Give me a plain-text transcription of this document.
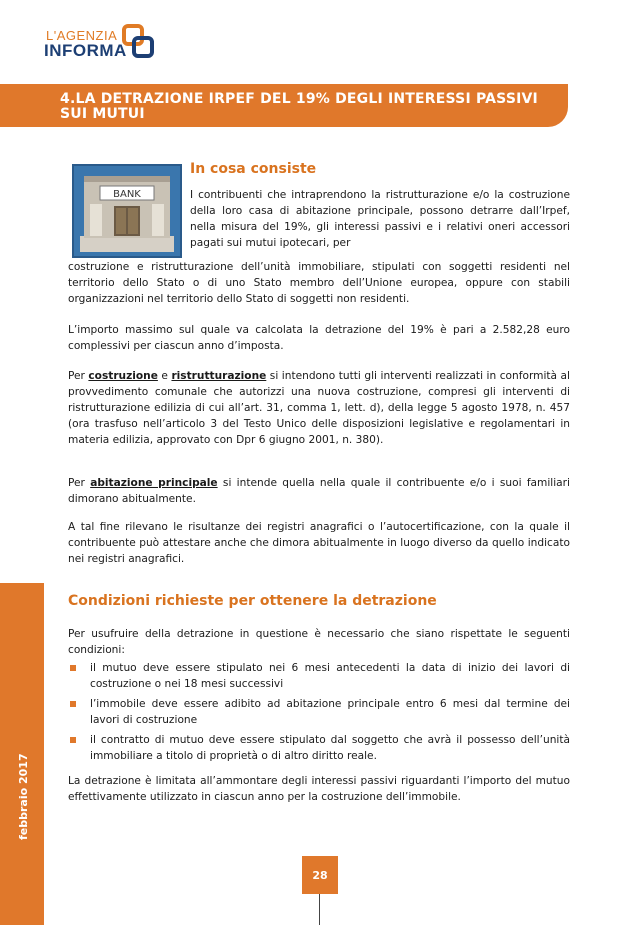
L'AGENZIA
INFORMA
4.LA DETRAZIONE IRPEF DEL 19% DEGLI INTERESSI PASSIVI SUI MUTUI
BANK
In cosa consiste
I contribuenti che intraprendono la ristrutturazione e/o la costruzione della loro casa di abitazione principale, possono detrarre dall’Irpef, nella misura del 19%, gli interessi passivi e i relativi oneri accessori pagati sui mutui ipotecari, per
costruzione e ristrutturazione dell’unità immobiliare, stipulati con soggetti residenti nel territorio dello Stato o di uno Stato membro dell’Unione europea, oppure con stabili organizzazioni nel territorio dello Stato di soggetti non residenti.
L’importo massimo sul quale va calcolata la detrazione del 19% è pari a 2.582,28 euro complessivi per ciascun anno d’imposta.
Per costruzione e ristrutturazione si intendono tutti gli interventi realizzati in conformità al provvedimento comunale che autorizzi una nuova costruzione, compresi gli interventi di ristrutturazione edilizia di cui all’art. 31, comma 1, lett. d), della legge 5 agosto 1978, n. 457 (ora trasfuso nell’articolo 3 del Testo Unico delle disposizioni legislative e regolamentari in materia edilizia, approvato con Dpr 6 giugno 2001, n. 380).
Per abitazione principale si intende quella nella quale il contribuente e/o i suoi familiari dimorano abitualmente.
A tal fine rilevano le risultanze dei registri anagrafici o l’autocertificazione, con la quale il contribuente può attestare anche che dimora abitualmente in luogo diverso da quello indicato nei registri anagrafici.
Condizioni richieste per ottenere la detrazione
Per usufruire della detrazione in questione è necessario che siano rispettate le seguenti condizioni:
il mutuo deve essere stipulato nei 6 mesi antecedenti la data di inizio dei lavori di costruzione o nei 18 mesi successivi
l’immobile deve essere adibito ad abitazione principale entro 6 mesi dal termine dei lavori di costruzione
il contratto di mutuo deve essere stipulato dal soggetto che avrà il possesso dell’unità immobiliare a titolo di proprietà o di altro diritto reale.
La detrazione è limitata all’ammontare degli interessi passivi riguardanti l’importo del mutuo effettivamente utilizzato in ciascun anno per la costruzione dell’immobile.
28
